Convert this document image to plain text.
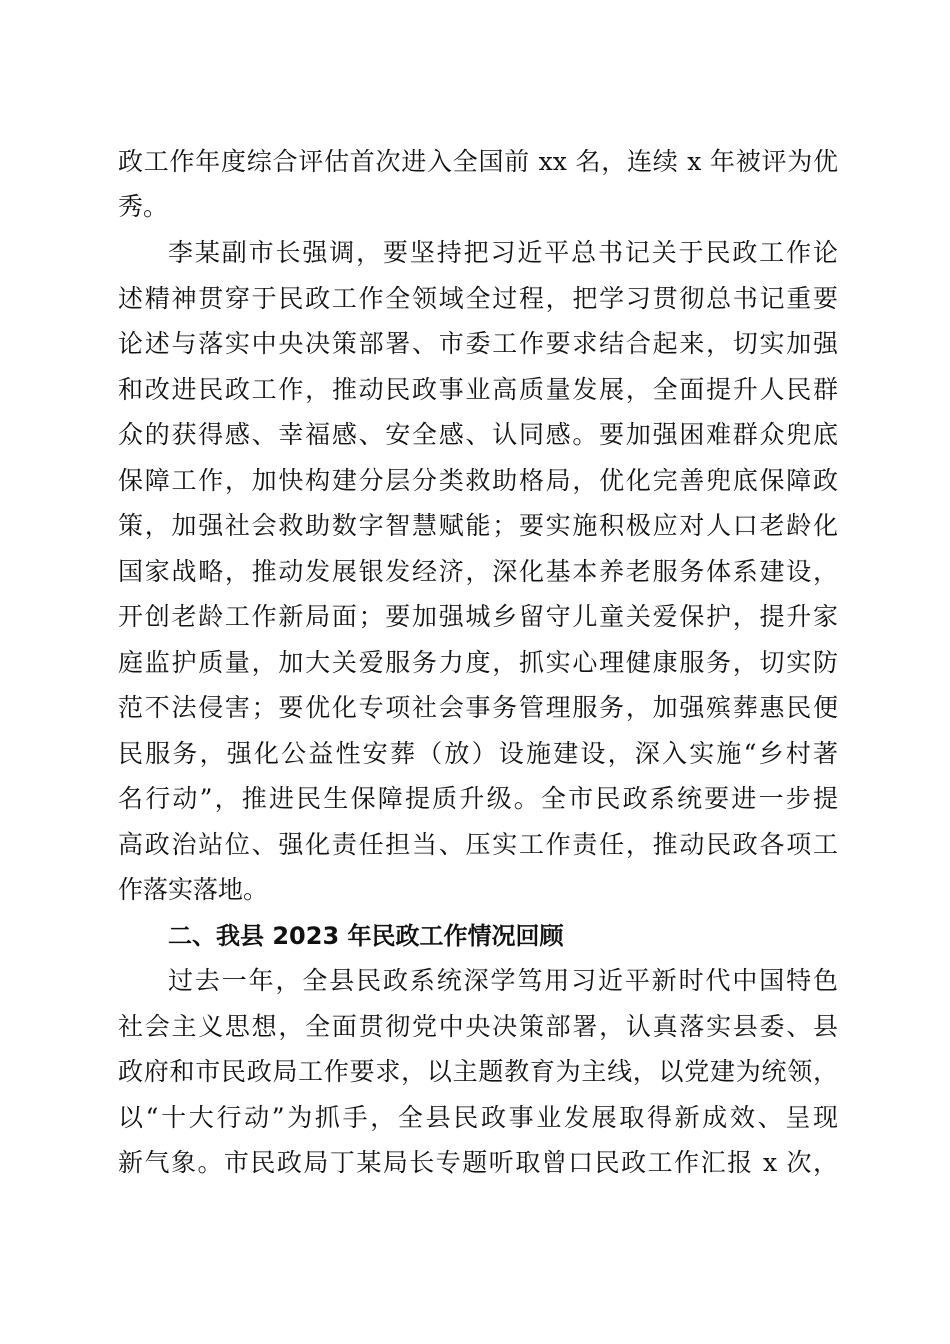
政工作年度综合评估首次进入全国前 xx 名，连续 x 年被评为优
秀。
李某副市长强调，要坚持把习近平总书记关于民政工作论
述精神贯穿于民政工作全领域全过程，把学习贯彻总书记重要
论述与落实中央决策部署、市委工作要求结合起来，切实加强
和改进民政工作，推动民政事业高质量发展，全面提升人民群
众的获得感、幸福感、安全感、认同感。要加强困难群众兜底
保障工作，加快构建分层分类救助格局，优化完善兜底保障政
策，加强社会救助数字智慧赋能；要实施积极应对人口老龄化
国家战略，推动发展银发经济，深化基本养老服务体系建设，
开创老龄工作新局面；要加强城乡留守儿童关爱保护，提升家
庭监护质量，加大关爱服务力度，抓实心理健康服务，切实防
范不法侵害；要优化专项社会事务管理服务，加强殡葬惠民便
民服务，强化公益性安葬（放）设施建设，深入实施“乡村著
名行动”，推进民生保障提质升级。全市民政系统要进一步提
高政治站位、强化责任担当、压实工作责任，推动民政各项工
作落实落地。
二、我县 2023 年民政工作情况回顾
过去一年，全县民政系统深学笃用习近平新时代中国特色
社会主义思想，全面贯彻党中央决策部署，认真落实县委、县
政府和市民政局工作要求，以主题教育为主线，以党建为统领，
以“十大行动”为抓手，全县民政事业发展取得新成效、呈现
新气象。市民政局丁某局长专题听取曾口民政工作汇报 x 次，
